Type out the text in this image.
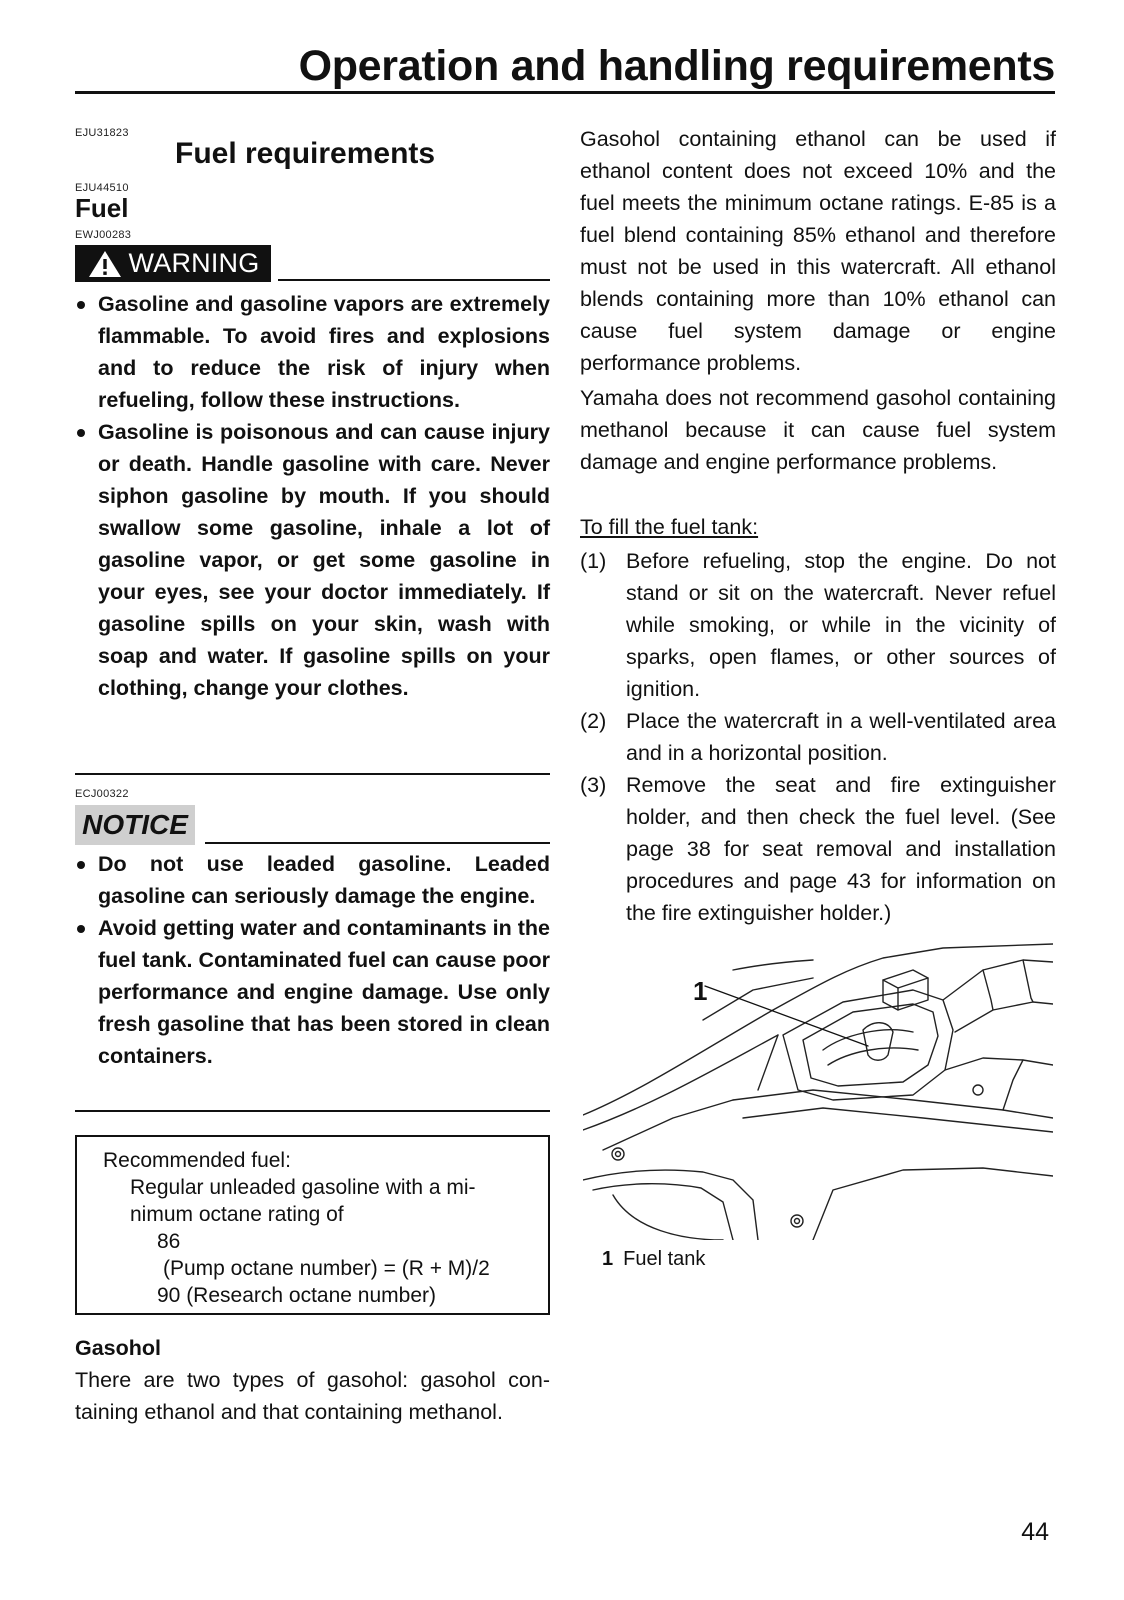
Operation and handling requirements
EJU31823
Fuel requirements
EJU44510
Fuel
EWJ00283
WARNING
Gasoline and gasoline vapors are extremely flammable. To avoid fires and explosions and to reduce the risk of injury when refueling, follow these instructions.
Gasoline is poisonous and can cause injury or death. Handle gasoline with care. Never siphon gasoline by mouth. If you should swallow some gasoline, inhale a lot of gasoline vapor, or get some gasoline in your eyes, see your doctor immediately. If gasoline spills on your skin, wash with soap and water. If gasoline spills on your clothing, change your clothes.
ECJ00322
NOTICE
Do not use leaded gasoline. Leaded gasoline can seriously damage the engine.
Avoid getting water and contaminants in the fuel tank. Contaminated fuel can cause poor performance and engine damage. Use only fresh gasoline that has been stored in clean containers.
Recommended fuel:
Regular unleaded gasoline with a mi-
nimum octane rating of
86
(Pump octane number) = (R + M)/2
90 (Research octane number)
Gasohol
There are two types of gasohol: gasohol containing ethanol and that containing methanol.
Gasohol containing ethanol can be used if ethanol content does not exceed 10% and the fuel meets the minimum octane ratings. E-85 is a fuel blend containing 85% ethanol and therefore must not be used in this watercraft. All ethanol blends containing more than 10% ethanol can cause fuel system damage or engine performance problems.
Yamaha does not recommend gasohol containing methanol because it can cause fuel system damage and engine performance problems.
To fill the fuel tank:
(1) Before refueling, stop the engine. Do not stand or sit on the watercraft. Never refuel while smoking, or while in the vicinity of sparks, open flames, or other sources of ignition.
(2) Place the watercraft in a well-ventilated area and in a horizontal position.
(3) Remove the seat and fire extinguisher holder, and then check the fuel level. (See page 38 for seat removal and installation procedures and page 43 for information on the fire extinguisher holder.)
1
1 Fuel tank
44
